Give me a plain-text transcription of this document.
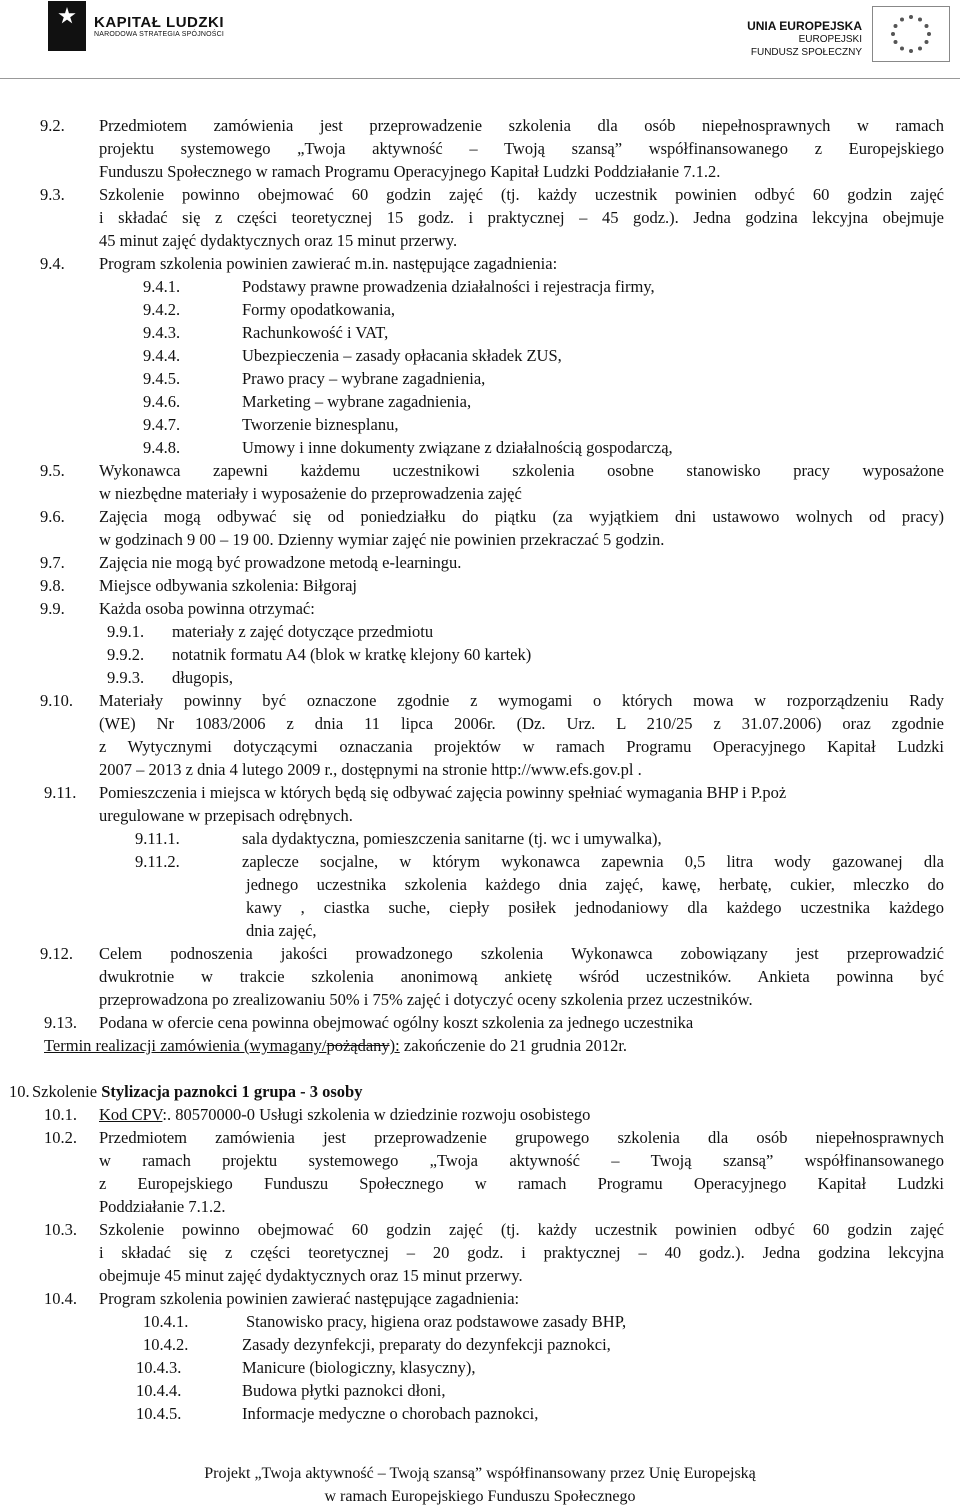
KAPITAŁ LUDZKI
NARODOWA STRATEGIA SPÓJNOŚCI
UNIA EUROPEJSKA
EUROPEJSKI
FUNDUSZ SPOŁECZNY
9.2. Przedmiotem zamówienia jest przeprowadzenie szkolenia dla osób niepełnosprawnych w ramach
projektu systemowego „Twoja aktywność – Twoją szansą” współfinansowanego z Europejskiego
Funduszu Społecznego w ramach Programu Operacyjnego Kapitał Ludzki Poddziałanie 7.1.2.
9.3. Szkolenie powinno obejmować 60 godzin zajęć (tj. każdy uczestnik powinien odbyć 60 godzin zajęć
i składać się z części teoretycznej 15 godz. i praktycznej – 45 godz.). Jedna godzina lekcyjna obejmuje
45 minut zajęć dydaktycznych oraz 15 minut przerwy.
9.4. Program szkolenia powinien zawierać m.in. następujące zagadnienia:
9.4.1.	Podstawy prawne prowadzenia działalności i rejestracja firmy,
9.4.2.	Formy opodatkowania,
9.4.3.	Rachunkowość i VAT,
9.4.4.	Ubezpieczenia – zasady opłacania składek ZUS,
9.4.5.	Prawo pracy – wybrane zagadnienia,
9.4.6.	Marketing – wybrane zagadnienia,
9.4.7.	Tworzenie biznesplanu,
9.4.8.	Umowy i inne dokumenty związane z działalnością gospodarczą,
9.5. Wykonawca zapewni każdemu uczestnikowi szkolenia osobne stanowisko pracy wyposażone
w niezbędne materiały i wyposażenie do przeprowadzenia zajęć
9.6. Zajęcia mogą odbywać się od poniedziałku do piątku (za wyjątkiem dni ustawowo wolnych od pracy)
w godzinach 9 00 – 19 00. Dzienny wymiar zajęć nie powinien przekraczać 5 godzin.
9.7. Zajęcia nie mogą być prowadzone metodą e-learningu.
9.8. Miejsce odbywania szkolenia: Biłgoraj
9.9. Każda osoba powinna otrzymać:
9.9.1. materiały z zajęć dotyczące przedmiotu
9.9.2. notatnik formatu A4 (blok w kratkę klejony 60 kartek)
9.9.3. długopis,
9.10. Materiały powinny być oznaczone zgodnie z wymogami o których mowa w rozporządzeniu Rady
(WE) Nr 1083/2006 z dnia 11 lipca 2006r. (Dz. Urz. L 210/25 z 31.07.2006) oraz zgodnie
z Wytycznymi dotyczącymi oznaczania projektów w ramach Programu Operacyjnego Kapitał Ludzki
2007 – 2013 z dnia 4 lutego 2009 r., dostępnymi na stronie http://www.efs.gov.pl .
9.11. Pomieszczenia i miejsca w których będą się odbywać zajęcia powinny spełniać wymagania BHP i P.poż
uregulowane w przepisach odrębnych.
9.11.1.	sala dydaktyczna, pomieszczenia sanitarne (tj. wc i umywalka),
9.11.2.	zaplecze socjalne, w którym wykonawca zapewnia 0,5 litra wody gazowanej dla
jednego uczestnika szkolenia każdego dnia zajęć, kawę, herbatę, cukier, mleczko do
kawy , ciastka suche, ciepły posiłek jednodaniowy dla każdego uczestnika każdego
dnia zajęć,
9.12. Celem podnoszenia jakości prowadzonego szkolenia Wykonawca zobowiązany jest przeprowadzić
dwukrotnie w trakcie szkolenia anonimową ankietę wśród uczestników. Ankieta powinna być
przeprowadzona po zrealizowaniu 50% i 75% zajęć i dotyczyć oceny szkolenia przez uczestników.
9.13. Podana w ofercie cena powinna obejmować ogólny koszt szkolenia za jednego uczestnika
Termin realizacji zamówienia (wymagany/pożądany): zakończenie do 21 grudnia 2012r.
10. Szkolenie Stylizacja paznokci 1 grupa - 3 osoby
10.1. Kod CPV:. 80570000-0 Usługi szkolenia w dziedzinie rozwoju osobistego
10.2. Przedmiotem zamówienia jest przeprowadzenie grupowego szkolenia dla osób niepełnosprawnych
w ramach projektu systemowego „Twoja aktywność – Twoją szansą” współfinansowanego
z Europejskiego Funduszu Społecznego w ramach Programu Operacyjnego Kapitał Ludzki
Poddziałanie 7.1.2.
10.3. Szkolenie powinno obejmować 60 godzin zajęć (tj. każdy uczestnik powinien odbyć 60 godzin zajęć
i składać się z części teoretycznej – 20 godz. i praktycznej – 40 godz.). Jedna godzina lekcyjna
obejmuje 45 minut zajęć dydaktycznych oraz 15 minut przerwy.
10.4. Program szkolenia powinien zawierać następujące zagadnienia:
10.4.1.	Stanowisko pracy, higiena oraz podstawowe zasady BHP,
10.4.2.	Zasady dezynfekcji, preparaty do dezynfekcji paznokci,
10.4.3.	Manicure (biologiczny, klasyczny),
10.4.4.	Budowa płytki paznokci dłoni,
10.4.5.	Informacje medyczne o chorobach paznokci,
Projekt „Twoja aktywność – Twoją szansą” współfinansowany przez Unię Europejską
w ramach Europejskiego Funduszu Społecznego
